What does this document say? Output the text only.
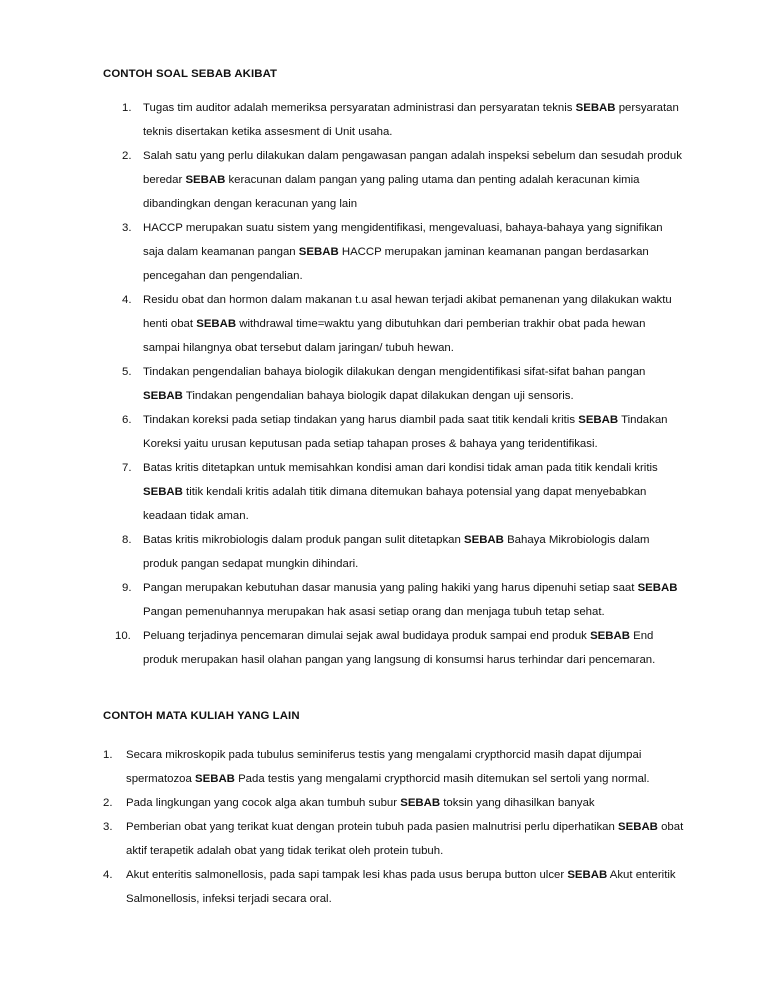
CONTOH SOAL SEBAB AKIBAT
1. Tugas tim auditor adalah memeriksa persyaratan administrasi dan persyaratan teknis SEBAB persyaratan teknis disertakan ketika assesment di Unit usaha.
2. Salah satu yang perlu dilakukan dalam pengawasan pangan adalah inspeksi sebelum dan sesudah produk beredar SEBAB keracunan dalam pangan yang paling utama dan penting adalah keracunan kimia dibandingkan dengan keracunan yang lain
3. HACCP merupakan suatu sistem yang mengidentifikasi, mengevaluasi, bahaya-bahaya yang signifikan saja dalam keamanan pangan SEBAB HACCP merupakan jaminan keamanan pangan berdasarkan pencegahan dan pengendalian.
4. Residu obat dan hormon dalam makanan t.u asal hewan terjadi akibat pemanenan yang dilakukan waktu henti obat SEBAB withdrawal time=waktu yang dibutuhkan dari pemberian trakhir obat pada hewan sampai hilangnya obat tersebut dalam jaringan/ tubuh hewan.
5. Tindakan pengendalian bahaya biologik dilakukan dengan mengidentifikasi sifat-sifat bahan pangan SEBAB Tindakan pengendalian bahaya biologik dapat dilakukan dengan uji sensoris.
6. Tindakan koreksi pada setiap tindakan yang harus diambil pada saat titik kendali kritis SEBAB Tindakan Koreksi yaitu urusan keputusan pada setiap tahapan proses & bahaya yang teridentifikasi.
7. Batas kritis ditetapkan untuk memisahkan kondisi aman dari kondisi tidak aman pada titik kendali kritis SEBAB titik kendali kritis adalah titik dimana ditemukan bahaya potensial yang dapat menyebabkan keadaan tidak aman.
8. Batas kritis mikrobiologis dalam produk pangan sulit ditetapkan SEBAB Bahaya Mikrobiologis dalam produk pangan sedapat mungkin dihindari.
9. Pangan merupakan kebutuhan dasar manusia yang paling hakiki yang harus dipenuhi setiap saat SEBAB Pangan pemenuhannya merupakan hak asasi setiap orang dan menjaga tubuh tetap sehat.
10. Peluang terjadinya pencemaran dimulai sejak awal budidaya produk sampai end produk SEBAB End produk merupakan hasil olahan pangan yang langsung di konsumsi harus terhindar dari pencemaran.
CONTOH MATA KULIAH YANG LAIN
1. Secara mikroskopik pada tubulus seminiferus testis yang mengalami crypthorcid masih dapat dijumpai spermatozoa SEBAB Pada testis yang mengalami crypthorcid masih ditemukan sel sertoli yang normal.
2. Pada lingkungan yang cocok alga akan tumbuh subur SEBAB toksin yang dihasilkan banyak
3. Pemberian obat yang terikat kuat dengan protein tubuh pada pasien malnutrisi perlu diperhatikan SEBAB obat aktif terapetik adalah obat yang tidak terikat oleh protein tubuh.
4. Akut enteritis salmonellosis, pada sapi tampak lesi khas pada usus berupa button ulcer SEBAB Akut enteritik Salmonellosis, infeksi terjadi secara oral.
